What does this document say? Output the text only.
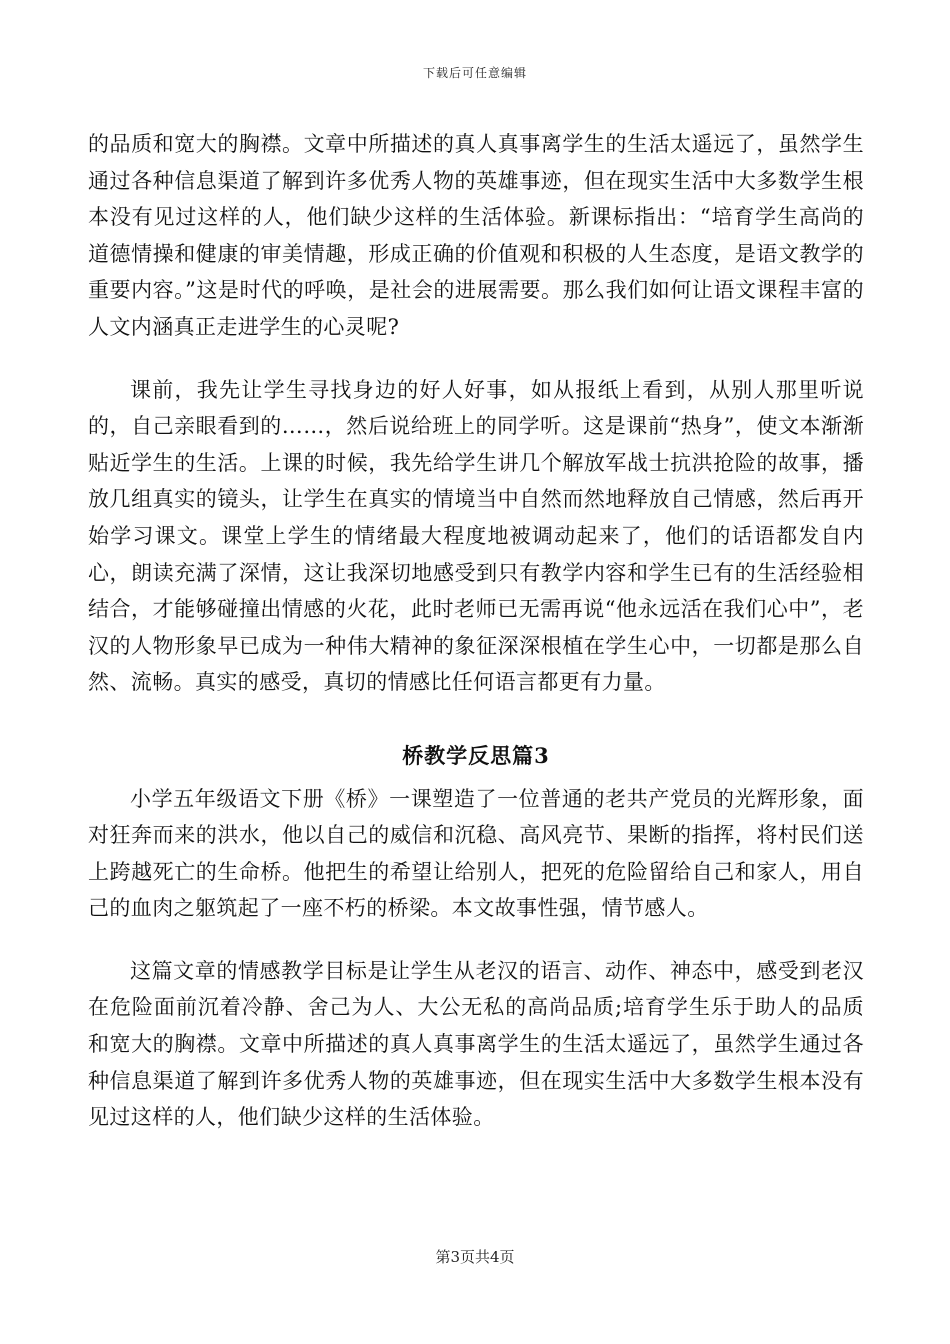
下载后可任意编辑

的品质和宽大的胸襟。文章中所描述的真人真事离学生的生活太遥远了，虽然学生通过各种信息渠道了解到许多优秀人物的英雄事迹，但在现实生活中大多数学生根本没有见过这样的人，他们缺少这样的生活体验。新课标指出：“培育学生高尚的道德情操和健康的审美情趣，形成正确的价值观和积极的人生态度，是语文教学的重要内容。”这是时代的呼唤，是社会的进展需要。那么我们如何让语文课程丰富的人文内涵真正走进学生的心灵呢?

课前，我先让学生寻找身边的好人好事，如从报纸上看到，从别人那里听说的，自己亲眼看到的……，然后说给班上的同学听。这是课前“热身”，使文本渐渐贴近学生的生活。上课的时候，我先给学生讲几个解放军战士抗洪抢险的故事，播放几组真实的镜头，让学生在真实的情境当中自然而然地释放自己情感，然后再开始学习课文。课堂上学生的情绪最大程度地被调动起来了，他们的话语都发自内心，朗读充满了深情，这让我深切地感受到只有教学内容和学生已有的生活经验相结合，才能够碰撞出情感的火花，此时老师已无需再说“他永远活在我们心中”，老汉的人物形象早已成为一种伟大精神的象征深深根植在学生心中，一切都是那么自然、流畅。真实的感受，真切的情感比任何语言都更有力量。

桥教学反思篇3

小学五年级语文下册《桥》一课塑造了一位普通的老共产党员的光辉形象，面对狂奔而来的洪水，他以自己的威信和沉稳、高风亮节、果断的指挥，将村民们送上跨越死亡的生命桥。他把生的希望让给别人，把死的危险留给自己和家人，用自己的血肉之躯筑起了一座不朽的桥梁。本文故事性强，情节感人。

这篇文章的情感教学目标是让学生从老汉的语言、动作、神态中，感受到老汉在危险面前沉着冷静、舍己为人、大公无私的高尚品质;培育学生乐于助人的品质和宽大的胸襟。文章中所描述的真人真事离学生的生活太遥远了，虽然学生通过各种信息渠道了解到许多优秀人物的英雄事迹，但在现实生活中大多数学生根本没有见过这样的人，他们缺少这样的生活体验。

第3页共4页
